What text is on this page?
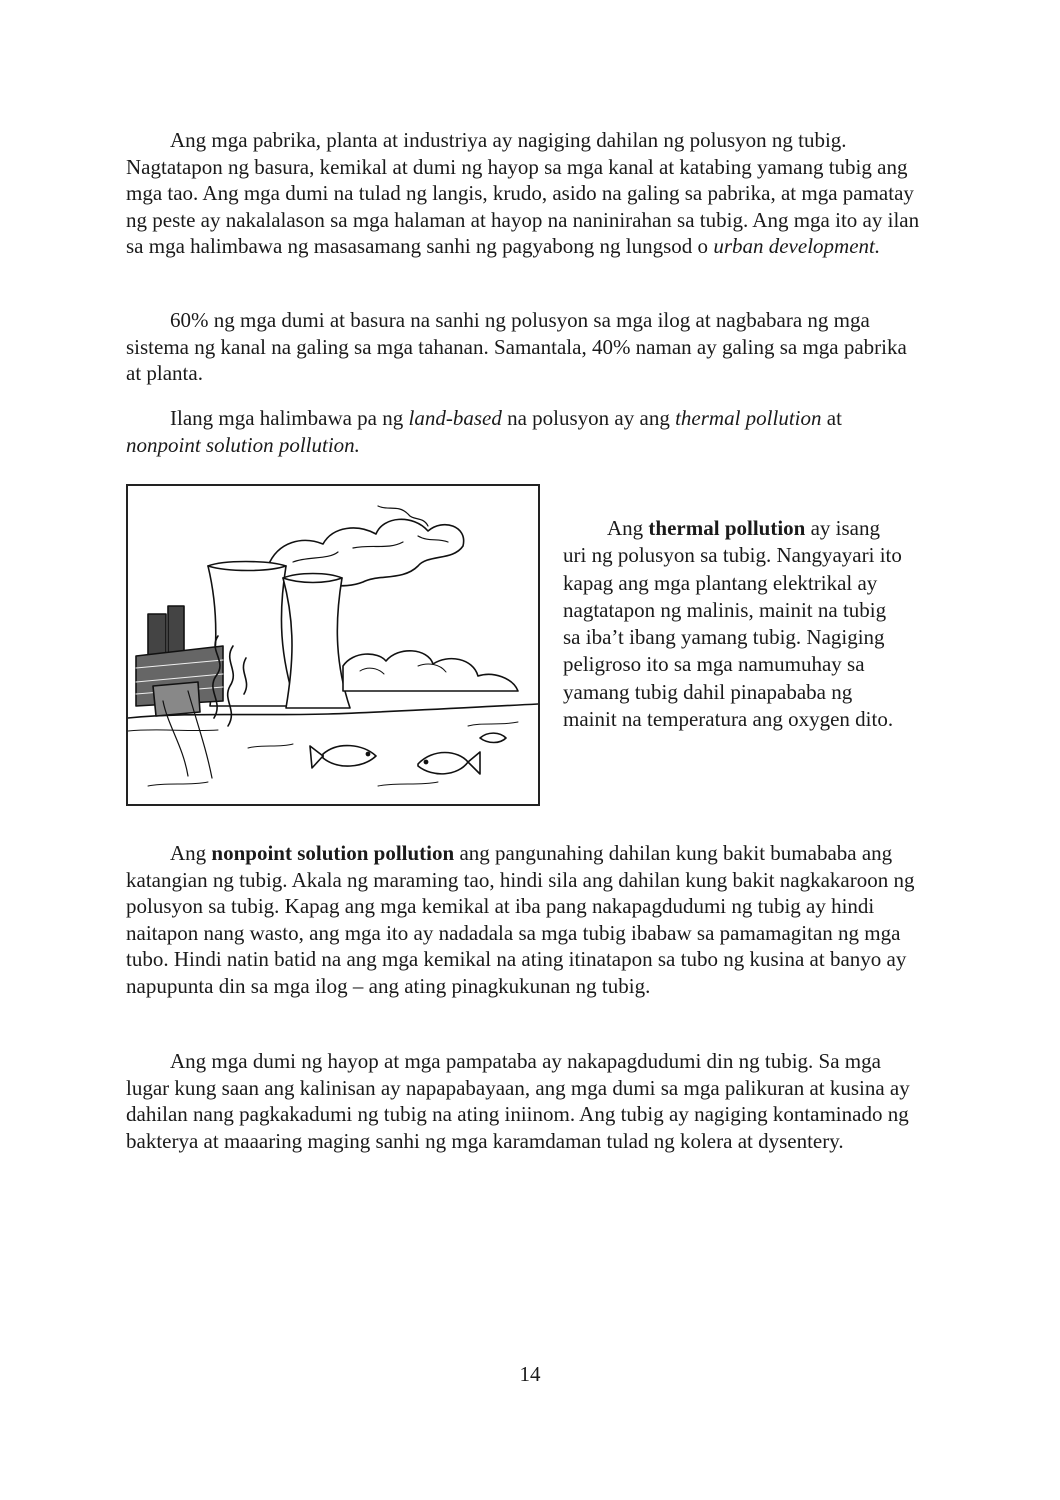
Ang mga pabrika, planta at industriya ay nagiging dahilan ng polusyon ng tubig. Nagtatapon ng basura, kemikal at dumi ng hayop sa mga kanal at katabing yamang tubig ang mga tao. Ang mga dumi na tulad ng langis, krudo, asido na galing sa pabrika, at mga pamatay ng peste ay nakalalason sa mga halaman at hayop na naninirahan sa tubig. Ang mga ito ay ilan sa mga halimbawa ng masasamang sanhi ng pagyabong ng lungsod o urban development.

60% ng mga dumi at basura na sanhi ng polusyon sa mga ilog at nagbabara ng mga sistema ng kanal na galing sa mga tahanan. Samantala, 40% naman ay galing sa mga pabrika at planta.

Ilang mga halimbawa pa ng land-based na polusyon ay ang thermal pollution at
nonpoint solution pollution.

Ang thermal pollution ay isang uri ng polusyon sa tubig. Nangyayari ito kapag ang mga plantang elektrikal ay nagtatapon ng malinis, mainit na tubig sa iba’t ibang yamang tubig. Nagiging peligroso ito sa mga namumuhay sa yamang tubig dahil pinapababa ng mainit na temperatura ang oxygen dito.

Ang nonpoint solution pollution ang pangunahing dahilan kung bakit bumababa ang katangian ng tubig. Akala ng maraming tao, hindi sila ang dahilan kung bakit nagkakaroon ng polusyon sa tubig. Kapag ang mga kemikal at iba pang nakapagdudumi ng tubig ay hindi naitapon nang wasto, ang mga ito ay nadadala sa mga tubig ibabaw sa pamamagitan ng mga tubo. Hindi natin batid na ang mga kemikal na ating itinatapon sa tubo ng kusina at banyo ay napupunta din sa mga ilog – ang ating pinagkukunan ng tubig.

Ang mga dumi ng hayop at mga pampataba ay nakapagdudumi din ng tubig. Sa mga lugar kung saan ang kalinisan ay napapabayaan, ang mga dumi sa mga palikuran at kusina ay dahilan nang pagkakadumi ng tubig na ating iniinom. Ang tubig ay nagiging kontaminado ng bakterya at maaaring maging sanhi ng mga karamdaman tulad ng kolera at dysentery.

14
